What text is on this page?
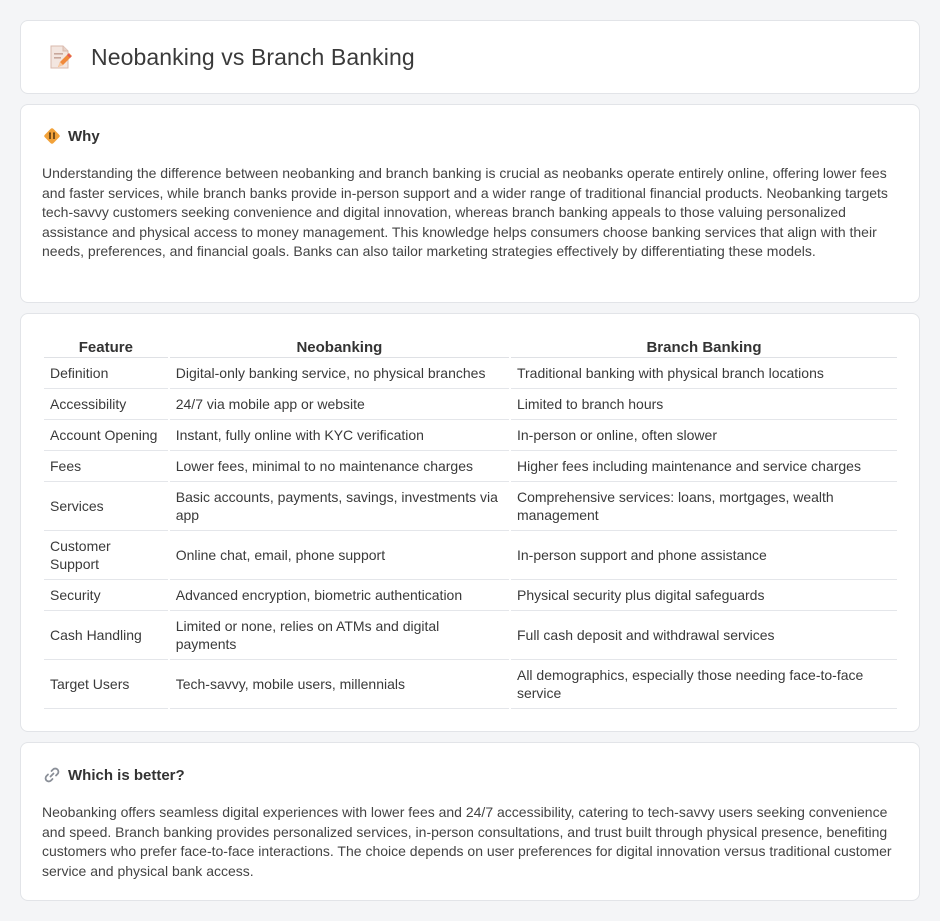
Neobanking vs Branch Banking
Why

Understanding the difference between neobanking and branch banking is crucial as neobanks operate entirely online, offering lower fees and faster services, while branch banks provide in-person support and a wider range of traditional financial products. Neobanking targets tech-savvy customers seeking convenience and digital innovation, whereas branch banking appeals to those valuing personalized assistance and physical access to money management. This knowledge helps consumers choose banking services that align with their needs, preferences, and financial goals. Banks can also tailor marketing strategies effectively by differentiating these models.

Feature	Neobanking	Branch Banking
Definition	Digital-only banking service, no physical branches	Traditional banking with physical branch locations
Accessibility	24/7 via mobile app or website	Limited to branch hours
Account Opening	Instant, fully online with KYC verification	In-person or online, often slower
Fees	Lower fees, minimal to no maintenance charges	Higher fees including maintenance and service charges
Services	Basic accounts, payments, savings, investments via app	Comprehensive services: loans, mortgages, wealth management
Customer Support	Online chat, email, phone support	In-person support and phone assistance
Security	Advanced encryption, biometric authentication	Physical security plus digital safeguards
Cash Handling	Limited or none, relies on ATMs and digital payments	Full cash deposit and withdrawal services
Target Users	Tech-savvy, mobile users, millennials	All demographics, especially those needing face-to-face service
Which is better?

Neobanking offers seamless digital experiences with lower fees and 24/7 accessibility, catering to tech-savvy users seeking convenience and speed. Branch banking provides personalized services, in-person consultations, and trust built through physical presence, benefiting customers who prefer face-to-face interactions. The choice depends on user preferences for digital innovation versus traditional customer service and physical bank access.
